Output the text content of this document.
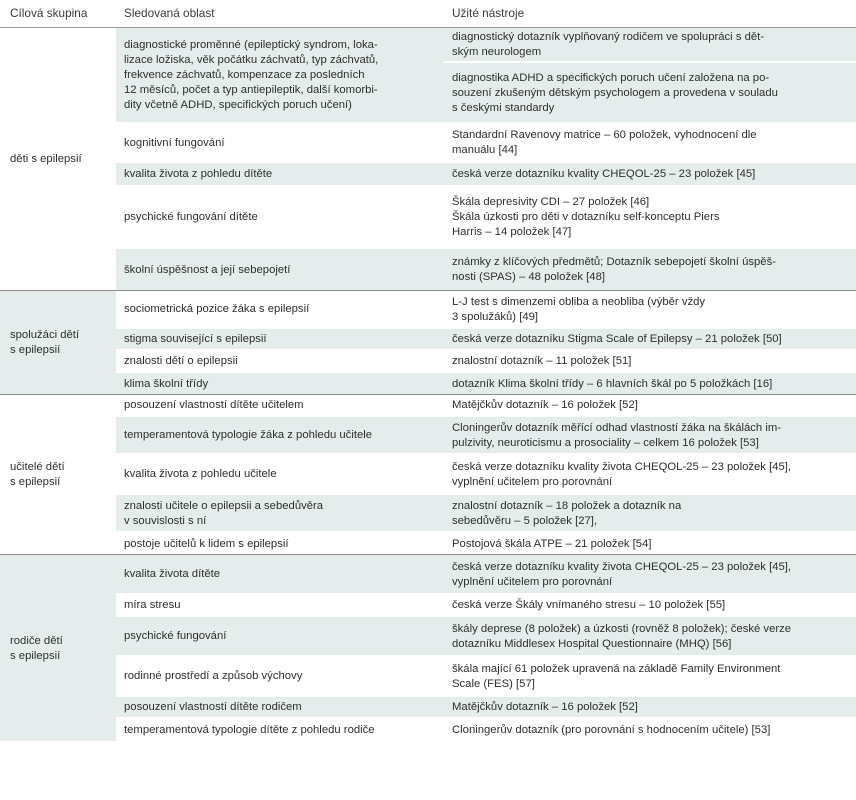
Cílová skupina	Sledovaná oblast	Užité nástroje

děti s epilepsií	diagnostické proměnné (epileptický syndrom, loka-
lizace ložiska, věk počátku záchvatů, typ záchvatů,
frekvence záchvatů, kompenzace za posledních
12 měsíců, počet a typ antiepileptik, další komorbi-
dity včetně ADHD, specifických poruch učení)	diagnostický dotazník vyplňovaný rodičem ve spolupráci s dět-
ským neurologem

		diagnostika ADHD a specifických poruch učení založena na po-
souzení zkušeným dětským psychologem a provedena v souladu
s českými standardy

	kognitivní fungování	Standardní Ravenovy matrice – 60 položek, vyhodnocení dle
manuálu [44]

	kvalita života z pohledu dítěte	česká verze dotazníku kvality CHEQOL-25 – 23 položek [45]

	psychické fungování dítěte	Škála depresivity CDI – 27 položek [46]
Škála úzkosti pro děti v dotazníku self-konceptu Piers
Harris – 14 položek [47]

	školní úspěšnost a její sebepojetí	známky z klíčových předmětů; Dotazník sebepojetí školní úspěš-
nosti (SPAS) – 48 položek [48]

spolužáci dětí
s epilepsií	sociometrická pozice žáka s epilepsií	L-J test s dimenzemi obliba a neobliba (výběr vždy
3 spolužáků) [49]

	stigma související s epilepsií	česká verze dotazníku Stigma Scale of Epilepsy – 21 položek [50]

	znalosti dětí o epilepsii	znalostní dotazník – 11 položek [51]

	klima školní třídy	dotazník Klima školní třídy – 6 hlavních škál po 5 položkách [16]

učitelé dětí
s epilepsií	posouzení vlastností dítěte učitelem	Matějčkův dotazník – 16 položek [52]

	temperamentová typologie žáka z pohledu učitele	Cloningerův dotazník měřící odhad vlastností žáka na škálách im-
pulzivity, neuroticismu a prosociality – celkem 16 položek [53]

	kvalita života z pohledu učitele	česká verze dotazníku kvality života CHEQOL-25 – 23 položek [45],
vyplnění učitelem pro porovnání

	znalosti učitele o epilepsii a sebedůvěra
v souvislosti s ní	znalostní dotazník – 18 položek a dotazník na
sebedůvěru – 5 položek [27],

	postoje učitelů k lidem s epilepsií	Postojová škála ATPE – 21 položek [54]

rodiče dětí
s epilepsií	kvalita života dítěte	česká verze dotazníku kvality života CHEQOL-25 – 23 položek [45],
vyplnění učitelem pro porovnání

	míra stresu	česká verze Škály vnímaného stresu – 10 položek [55]

	psychické fungování	škály deprese (8 položek) a úzkosti (rovněž 8 položek); české verze
dotazníku Middlesex Hospital Questionnaire (MHQ) [56]

	rodinné prostředí a způsob výchovy	škála mající 61 položek upravená na základě Family Environment
Scale (FES) [57]

	posouzení vlastností dítěte rodičem	Matějčkův dotazník – 16 položek [52]

	temperamentová typologie dítěte z pohledu rodiče	Cloningerův dotazník (pro porovnání s hodnocením učitele) [53]
